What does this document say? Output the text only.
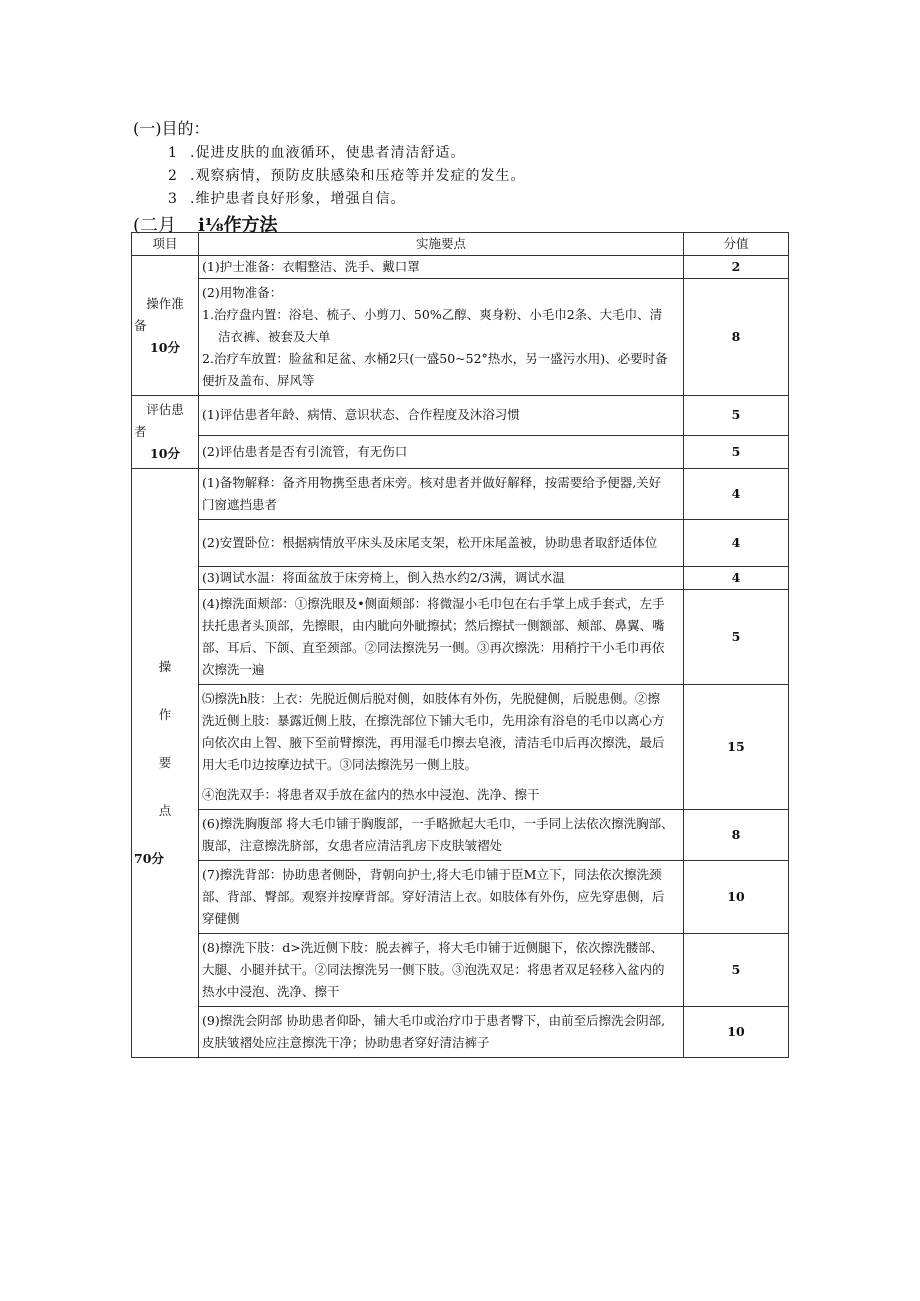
(一)目的：
1 .促进皮肤的血液循环，使患者清洁舒适。
2 .观察病情，预防皮肤感染和压疮等并发症的发生。
3 .维护患者良好形象，增强自信。
(二月 i⅛作方法
项目	实施要点	分值

操作准
备
10分	(1)护士准备：衣帽整洁、洗手、戴口罩	2

	(2)用物准备：
1.治疗盘内置：浴皂、梳子、小剪刀、50%乙醇、爽身粉、小毛巾2条、大毛巾、清
洁衣裤、被套及大单
2.治疗车放置：脸盆和足盆、水桶2只(一盛50~52°热水，另一盛污水用)、必要时备
便折及盖布、屏风等	8

评估患
者
10分	(1)评估患者年龄、病情、意识状态、合作程度及沐浴习惯	5
	(2)评估患者是否有引流管，有无伤口	5

操
作
要
点
70分	(1)备物解释：备齐用物携至患者床旁。核对患者并做好解释，按需要给予便器,关好
门窗遮挡患者	4
	(2)安置卧位：根据病情放平床头及床尾支架，松开床尾盖被，协助患者取舒适体位	4
	(3)调试水温：将面盆放于床旁椅上，倒入热水约2/3满，调试水温	4

	(4)擦洗面颊部：①擦洗眼及•侧面颊部：将微湿小毛巾包在右手掌上成手套式，左手
扶托患者头顶部，先擦眼，由内眦向外眦擦拭；然后擦拭一侧额部、颊部、鼻翼、嘴
部、耳后、下颌、直至颈部。②同法擦洗另一侧。③再次擦洗：用稍拧干小毛巾再依
次擦洗一遍	5

	⑸擦洗h肢：上衣：先脱近侧后脱对侧，如肢体有外伤，先脱健侧，后脱患侧。②擦
洗近侧上肢：暴露近侧上肢，在擦洗部位下铺大毛巾，先用涂有浴皂的毛巾以离心方
向依次由上智、腋下至前臂擦洗，再用湿毛巾擦去皂液，清洁毛巾后再次擦洗，最后
用大毛巾边按摩边拭干。③同法擦洗另一侧上肢。
④泡洗双手：将患者双手放在盆内的热水中浸泡、洗净、擦干	15

	(6)擦洗胸腹部 将大毛巾铺于胸腹部，一手略掀起大毛巾，一手同上法依次擦洗胸部、
腹部，注意擦洗脐部，女患者应清洁乳房下皮肤皱褶处	8

	(7)擦洗背部：协助患者侧卧，背朝向护士,将大毛巾铺于臣M立下，同法依次擦洗颈
部、背部、臀部。观察并按摩背部。穿好清洁上衣。如肢体有外伤，应先穿患侧，后
穿健侧	10

	(8)擦洗下肢：d>洗近侧下肢：脱去裤子，将大毛巾铺于近侧腿下，依次擦洗髅部、
大腿、小腿并拭干。②同法擦洗另一侧下肢。③泡洗双足：将患者双足轻移入盆内的
热水中浸泡、洗净、擦干	5

	(9)擦洗会阴部 协助患者仰卧，铺大毛巾或治疗巾于患者臀下，由前至后擦洗会阴部,
皮肤皱褶处应注意擦洗干净；协助患者穿好清洁裤子	10
